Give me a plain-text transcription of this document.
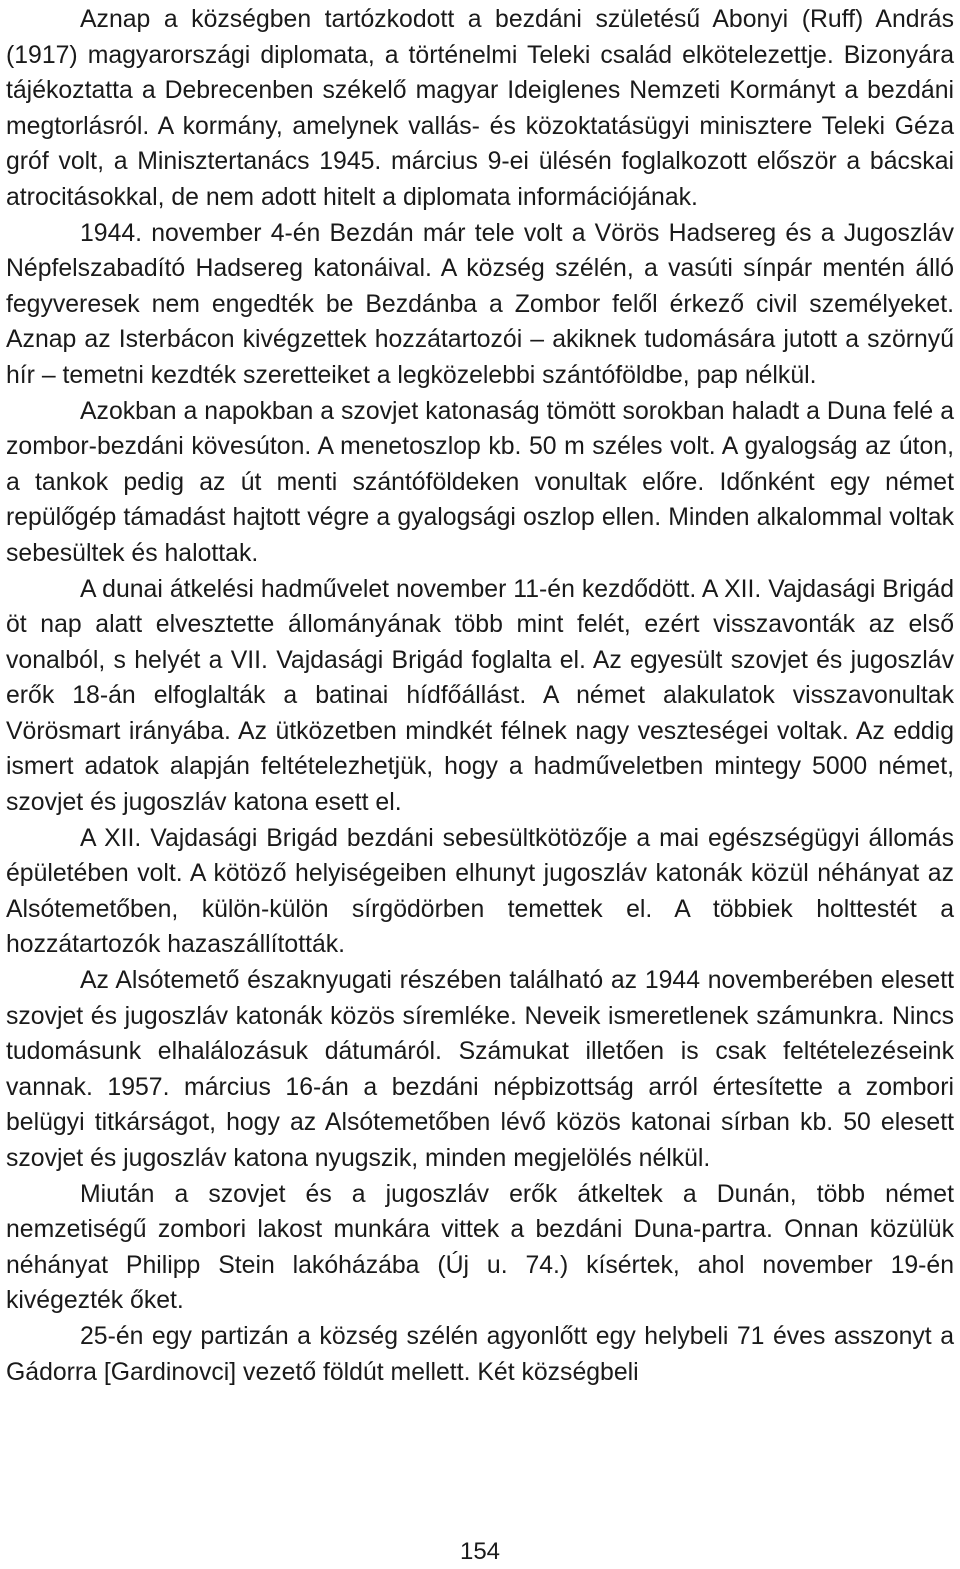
Aznap a községben tartózkodott a bezdáni születésű Abonyi (Ruff) András (1917) magyarországi diplomata, a történelmi Teleki család elkötelezettje. Bizonyára tájékoztatta a Debrecenben székelő magyar Ideiglenes Nemzeti Kormányt a bezdáni megtorlásról. A kormány, amelynek vallás- és közoktatásügyi minisztere Teleki Géza gróf volt, a Minisztertanács 1945. március 9-ei ülésén foglalkozott először a bácskai atrocitásokkal, de nem adott hitelt a diplomata információjának.

1944. november 4-én Bezdán már tele volt a Vörös Hadsereg és a Jugoszláv Népfelszabadító Hadsereg katonáival. A község szélén, a vasúti sínpár mentén álló fegyveresek nem engedték be Bezdánba a Zombor felől érkező civil személyeket. Aznap az Isterbácon kivégzettek hozzátartozói – akiknek tudomására jutott a szörnyű hír – temetni kezdték szeretteiket a legközelebbi szántóföldbe, pap nélkül.

Azokban a napokban a szovjet katonaság tömött sorokban haladt a Duna felé a zombor-bezdáni kövesúton. A menetoszlop kb. 50 m széles volt. A gyalogság az úton, a tankok pedig az út menti szántóföldeken vonultak előre. Időnként egy német repülőgép támadást hajtott végre a gyalogsági oszlop ellen. Minden alkalommal voltak sebesültek és halottak.

A dunai átkelési hadművelet november 11-én kezdődött. A XII. Vajdasági Brigád öt nap alatt elvesztette állományának több mint felét, ezért visszavonták az első vonalból, s helyét a VII. Vajdasági Brigád foglalta el. Az egyesült szovjet és jugoszláv erők 18-án elfoglalták a batinai hídfőállást. A német alakulatok visszavonultak Vörösmart irányába. Az ütközetben mindkét félnek nagy veszteségei voltak. Az eddig ismert adatok alapján feltételezhetjük, hogy a hadműveletben mintegy 5000 német, szovjet és jugoszláv katona esett el.

A XII. Vajdasági Brigád bezdáni sebesültkötözője a mai egészségügyi állomás épületében volt. A kötöző helyiségeiben elhunyt jugoszláv katonák közül néhányat az Alsótemetőben, külön-külön sírgödörben temettek el. A többiek holttestét a hozzátartozók hazaszállították.

Az Alsótemető északnyugati részében található az 1944 novemberében elesett szovjet és jugoszláv katonák közös síremléke. Neveik ismeretlenek számunkra. Nincs tudomásunk elhalálozásuk dátumáról. Számukat illetően is csak feltételezéseink vannak. 1957. március 16-án a bezdáni népbizottság arról értesítette a zombori belügyi titkárságot, hogy az Alsótemetőben lévő közös katonai sírban kb. 50 elesett szovjet és jugoszláv katona nyugszik, minden megjelölés nélkül.

Miután a szovjet és a jugoszláv erők átkeltek a Dunán, több német nemzetiségű zombori lakost munkára vittek a bezdáni Duna-partra. Onnan közülük néhányat Philipp Stein lakóházába (Új u. 74.) kísértek, ahol november 19-én kivégezték őket.

25-én egy partizán a község szélén agyonlőtt egy helybeli 71 éves asszonyt a Gádorra [Gardinovci] vezető földút mellett. Két községbeli

154
